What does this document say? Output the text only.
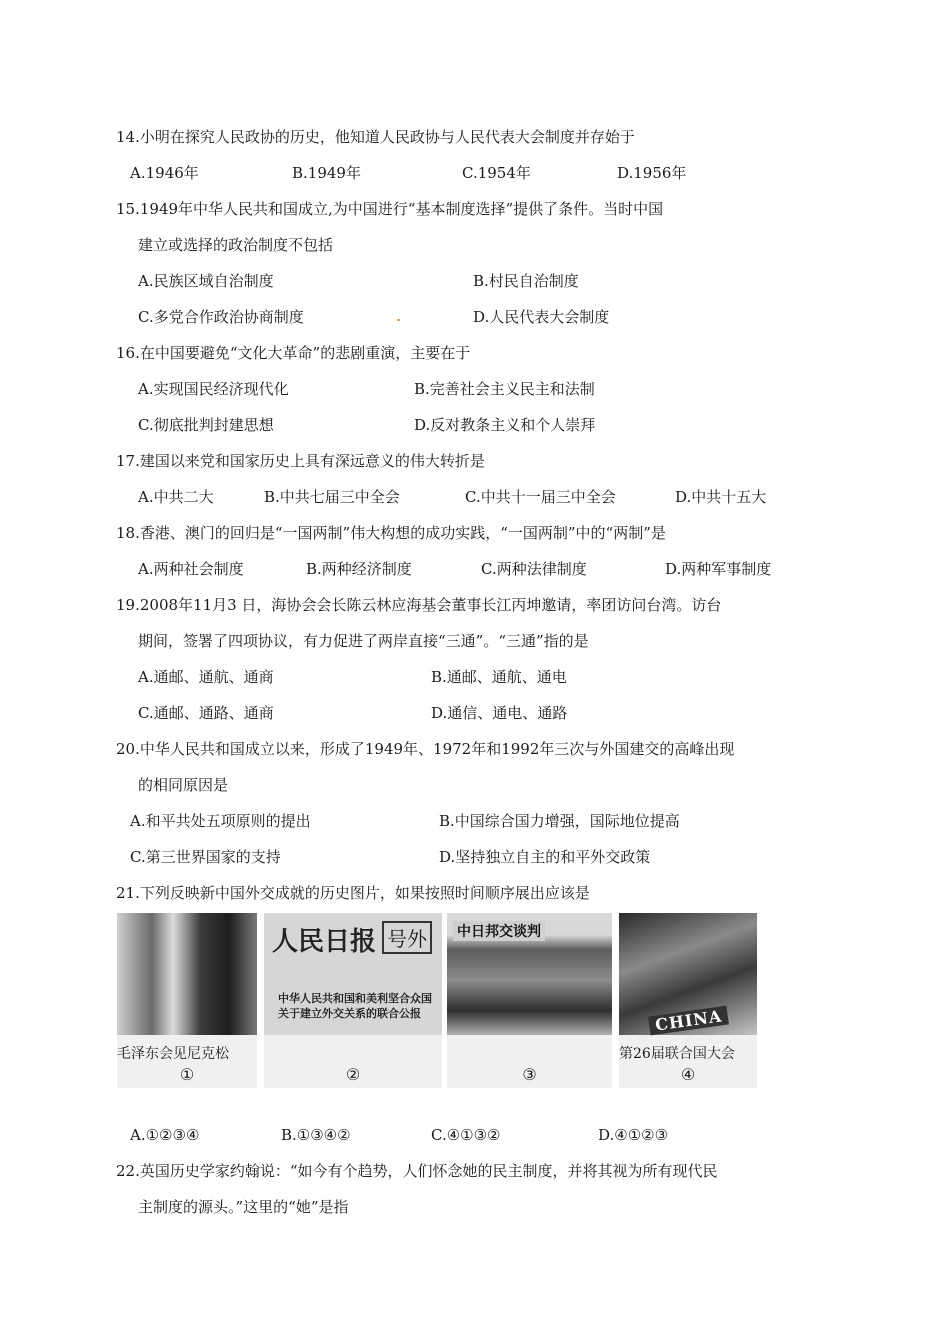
14.小明在探究人民政协的历史，他知道人民政协与人民代表大会制度并存始于
A.1946年	B.1949年	C.1954年	D.1956年
15.1949年中华人民共和国成立,为中国进行“基本制度选择”提供了条件。当时中国
建立或选择的政治制度不包括
A.民族区域自治制度	B.村民自治制度
C.多党合作政治协商制度	D.人民代表大会制度
16.在中国要避免“文化大革命”的悲剧重演，主要在于
A.实现国民经济现代化	B.完善社会主义民主和法制
C.彻底批判封建思想	D.反对教条主义和个人崇拜
17.建国以来党和国家历史上具有深远意义的伟大转折是
A.中共二大	B.中共七届三中全会	C.中共十一届三中全会	D.中共十五大
18.香港、澳门的回归是“一国两制”伟大构想的成功实践，“一国两制”中的“两制”是
A.两种社会制度	B.两种经济制度	C.两种法律制度	D.两种军事制度
19.2008年11月3 日，海协会会长陈云林应海基会董事长江丙坤邀请，率团访问台湾。访台
期间，签署了四项协议，有力促进了两岸直接“三通”。“三通”指的是
A.通邮、通航、通商	B.通邮、通航、通电
C.通邮、通路、通商	D.通信、通电、通路
20.中华人民共和国成立以来，形成了1949年、1972年和1992年三次与外国建交的高峰出现
的相同原因是
A.和平共处五项原则的提出	B.中国综合国力增强，国际地位提高
C.第三世界国家的支持	D.坚持独立自主的和平外交政策
21.下列反映新中国外交成就的历史图片，如果按照时间顺序展出应该是
毛泽东会见尼克松
①
人民日报 号外
中华人民共和国和美利坚合众国
关于建立外交关系的联合公报
②
中日邦交谈判
③
CHINA
第26届联合国大会
④
A.①②③④	B.①③④②	C.④①③②	D.④①②③
22.英国历史学家约翰说：“如今有个趋势，人们怀念她的民主制度，并将其视为所有现代民
主制度的源头。”这里的“她”是指
